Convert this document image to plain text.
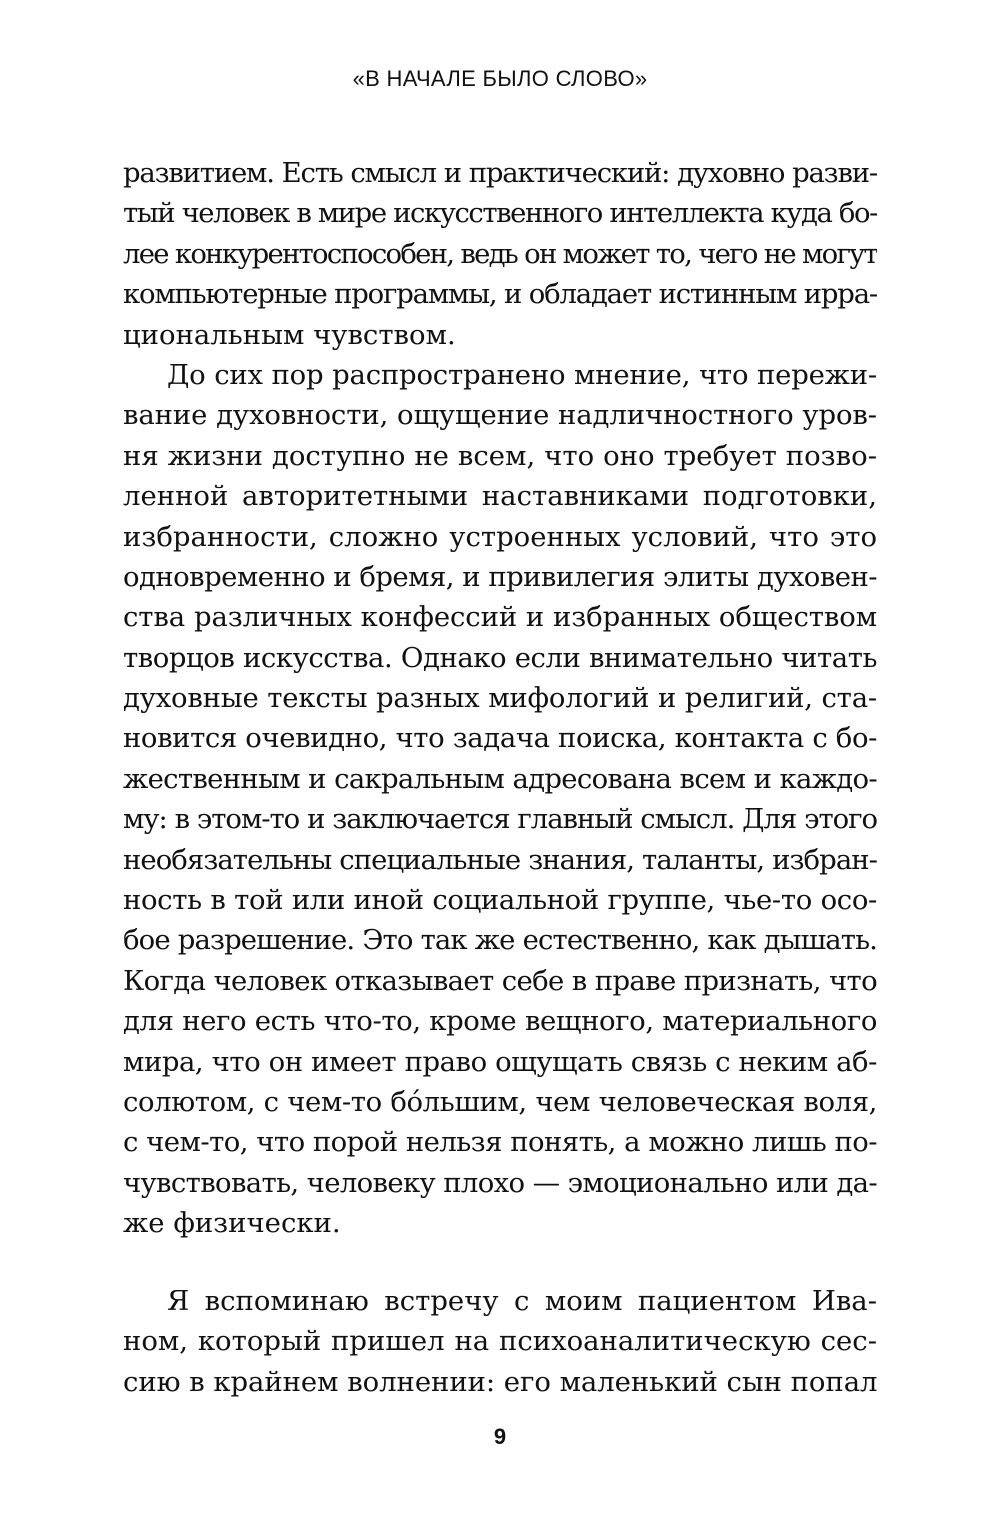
«В НАЧАЛЕ БЫЛО СЛОВО»
развитием. Есть смысл и практический: духовно разви-
тый человек в мире искусственного интеллекта куда бо-
лее конкурентоспособен, ведь он может то, чего не могут
компьютерные программы, и обладает истинным ирра-
циональным чувством.
До сих пор распространено мнение, что пережи-
вание духовности, ощущение надличностного уров-
ня жизни доступно не всем, что оно требует позво-
ленной авторитетными наставниками подготовки,
избранности, сложно устроенных условий, что это
одновременно и бремя, и привилегия элиты духовен-
ства различных конфессий и избранных обществом
творцов искусства. Однако если внимательно читать
духовные тексты разных мифологий и религий, ста-
новится очевидно, что задача поиска, контакта с бо-
жественным и сакральным адресована всем и каждо-
му: в этом-то и заключается главный смысл. Для этого
необязательны специальные знания, таланты, избран-
ность в той или иной социальной группе, чье-то осо-
бое разрешение. Это так же естественно, как дышать.
Когда человек отказывает себе в праве признать, что
для него есть что-то, кроме вещного, материального
мира, что он имеет право ощущать связь с неким аб-
солютом, с чем-то бóльшим, чем человеческая воля,
с чем-то, что порой нельзя понять, а можно лишь по-
чувствовать, человеку плохо — эмоционально или да-
же физически.
Я вспоминаю встречу с моим пациентом Ива-
ном, который пришел на психоаналитическую сес-
сию в крайнем волнении: его маленький сын попал
9
